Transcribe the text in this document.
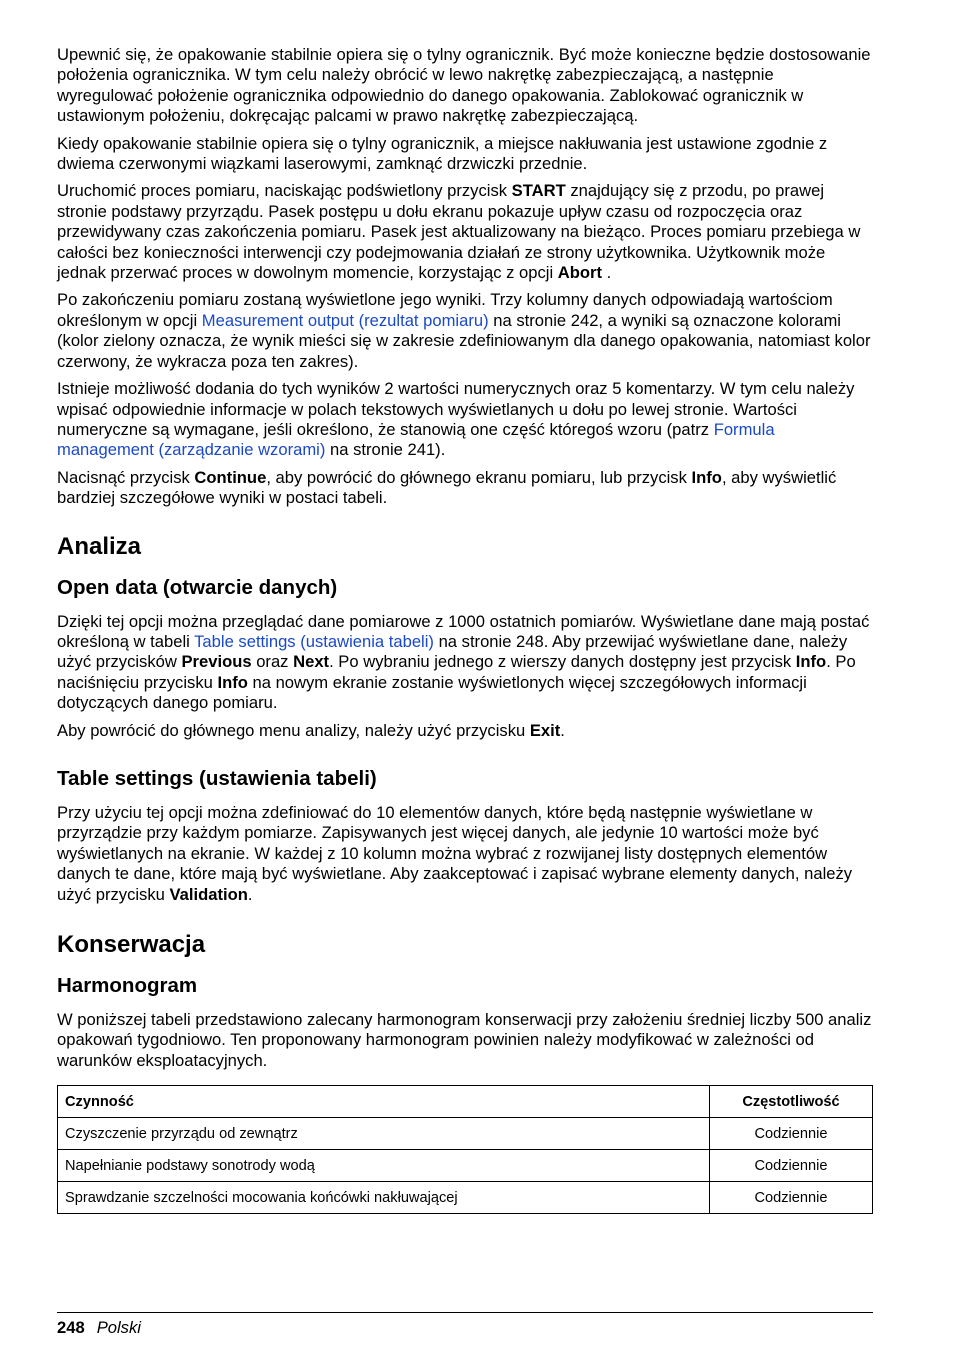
Upewnić się, że opakowanie stabilnie opiera się o tylny ogranicznik. Być może konieczne będzie dostosowanie położenia ogranicznika. W tym celu należy obrócić w lewo nakrętkę zabezpieczającą, a następnie wyregulować położenie ogranicznika odpowiednio do danego opakowania. Zablokować ogranicznik w ustawionym położeniu, dokręcając palcami w prawo nakrętkę zabezpieczającą.

Kiedy opakowanie stabilnie opiera się o tylny ogranicznik, a miejsce nakłuwania jest ustawione zgodnie z dwiema czerwonymi wiązkami laserowymi, zamknąć drzwiczki przednie.

Uruchomić proces pomiaru, naciskając podświetlony przycisk START znajdujący się z przodu, po prawej stronie podstawy przyrządu. Pasek postępu u dołu ekranu pokazuje upływ czasu od rozpoczęcia oraz przewidywany czas zakończenia pomiaru. Pasek jest aktualizowany na bieżąco. Proces pomiaru przebiega w całości bez konieczności interwencji czy podejmowania działań ze strony użytkownika. Użytkownik może jednak przerwać proces w dowolnym momencie, korzystając z opcji Abort .

Po zakończeniu pomiaru zostaną wyświetlone jego wyniki. Trzy kolumny danych odpowiadają wartościom określonym w opcji Measurement output (rezultat pomiaru) na stronie 242, a wyniki są oznaczone kolorami (kolor zielony oznacza, że wynik mieści się w zakresie zdefiniowanym dla danego opakowania, natomiast kolor czerwony, że wykracza poza ten zakres).

Istnieje możliwość dodania do tych wyników 2 wartości numerycznych oraz 5 komentarzy. W tym celu należy wpisać odpowiednie informacje w polach tekstowych wyświetlanych u dołu po lewej stronie. Wartości numeryczne są wymagane, jeśli określono, że stanowią one część któregoś wzoru (patrz Formula management (zarządzanie wzorami) na stronie 241).

Nacisnąć przycisk Continue, aby powrócić do głównego ekranu pomiaru, lub przycisk Info, aby wyświetlić bardziej szczegółowe wyniki w postaci tabeli.

Analiza
Open data (otwarcie danych)

Dzięki tej opcji można przeglądać dane pomiarowe z 1000 ostatnich pomiarów. Wyświetlane dane mają postać określoną w tabeli Table settings (ustawienia tabeli) na stronie 248. Aby przewijać wyświetlane dane, należy użyć przycisków Previous oraz Next. Po wybraniu jednego z wierszy danych dostępny jest przycisk Info. Po naciśnięciu przycisku Info na nowym ekranie zostanie wyświetlonych więcej szczegółowych informacji dotyczących danego pomiaru.

Aby powrócić do głównego menu analizy, należy użyć przycisku Exit.

Table settings (ustawienia tabeli)

Przy użyciu tej opcji można zdefiniować do 10 elementów danych, które będą następnie wyświetlane w przyrządzie przy każdym pomiarze. Zapisywanych jest więcej danych, ale jedynie 10 wartości może być wyświetlanych na ekranie. W każdej z 10 kolumn można wybrać z rozwijanej listy dostępnych elementów danych te dane, które mają być wyświetlane. Aby zaakceptować i zapisać wybrane elementy danych, należy użyć przycisku Validation.

Konserwacja
Harmonogram

W poniższej tabeli przedstawiono zalecany harmonogram konserwacji przy założeniu średniej liczby 500 analiz opakowań tygodniowo. Ten proponowany harmonogram powinien należy modyfikować w zależności od warunków eksploatacyjnych.

Czynność	Częstotliwość
Czyszczenie przyrządu od zewnątrz	Codziennie
Napełnianie podstawy sonotrody wodą	Codziennie
Sprawdzanie szczelności mocowania końcówki nakłuwającej	Codziennie
248 Polski
